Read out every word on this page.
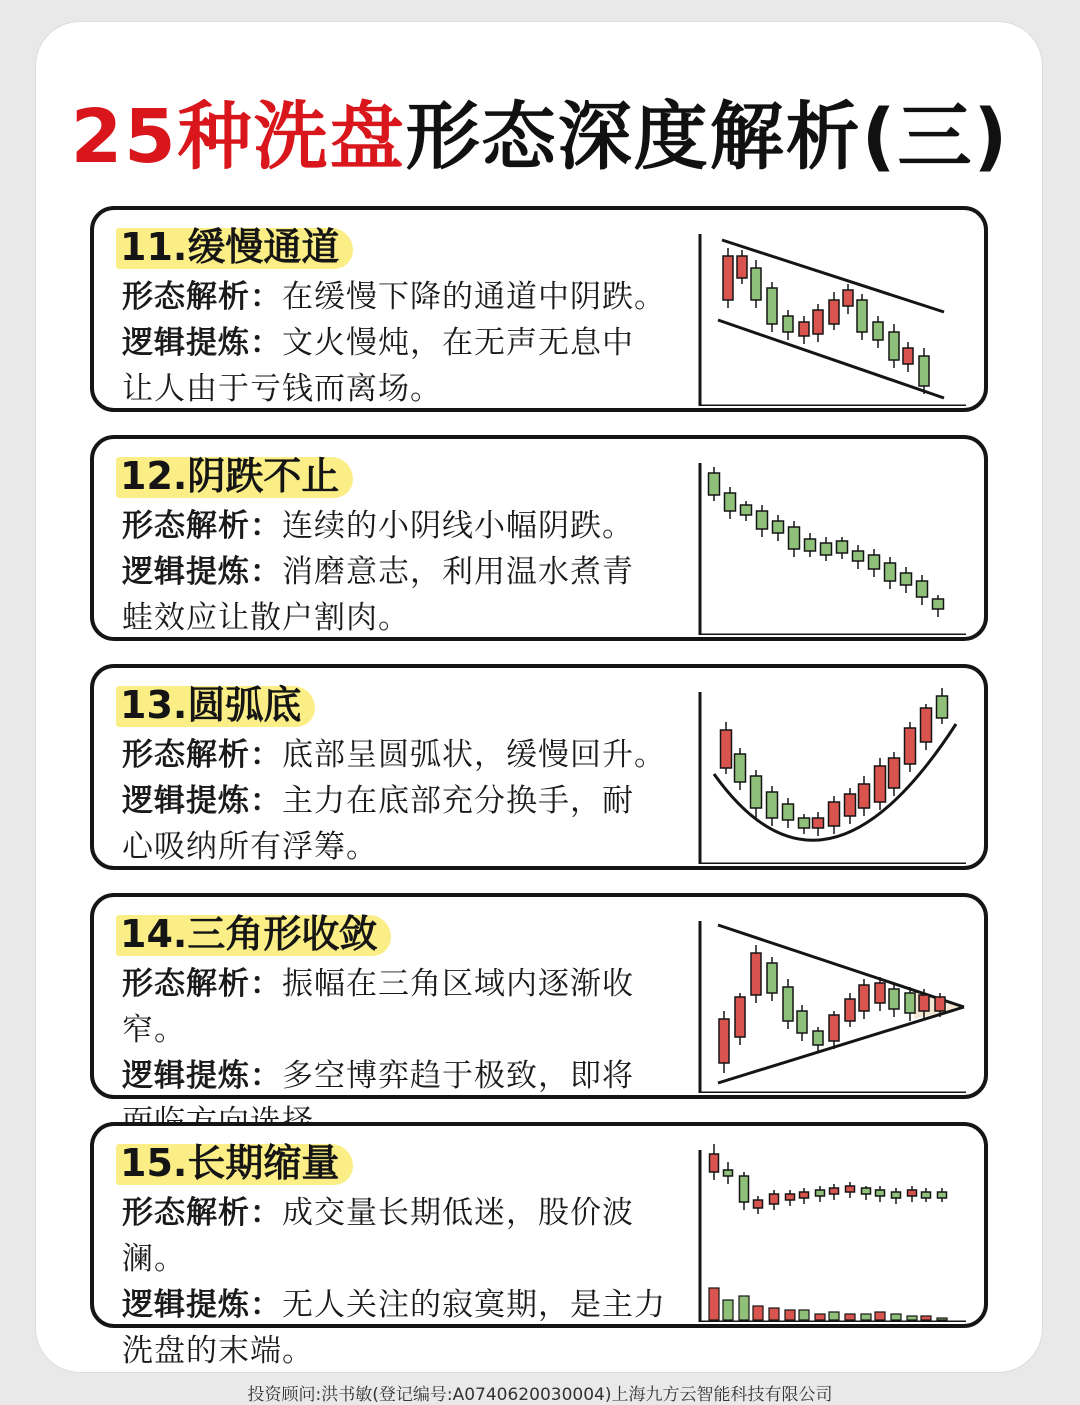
25种洗盘形态深度解析(三)
11.缓慢通道
形态解析：在缓慢下降的通道中阴跌。
逻辑提炼：文火慢炖，在无声无息中
让人由于亏钱而离场。
12.阴跌不止
形态解析：连续的小阴线小幅阴跌。
逻辑提炼：消磨意志，利用温水煮青
蛙效应让散户割肉。
13.圆弧底
形态解析：底部呈圆弧状，缓慢回升。
逻辑提炼：主力在底部充分换手，耐
心吸纳所有浮筹。
14.三角形收敛
形态解析：振幅在三角区域内逐渐收窄。
逻辑提炼：多空博弈趋于极致，即将
15.长期缩量
形态解析：成交量长期低迷，股价波澜。
逻辑提炼：无人关注的寂寞期，是主力
洗盘的末端。
投资顾问:洪书敏(登记编号:A0740620030004)上海九方云智能科技有限公司
